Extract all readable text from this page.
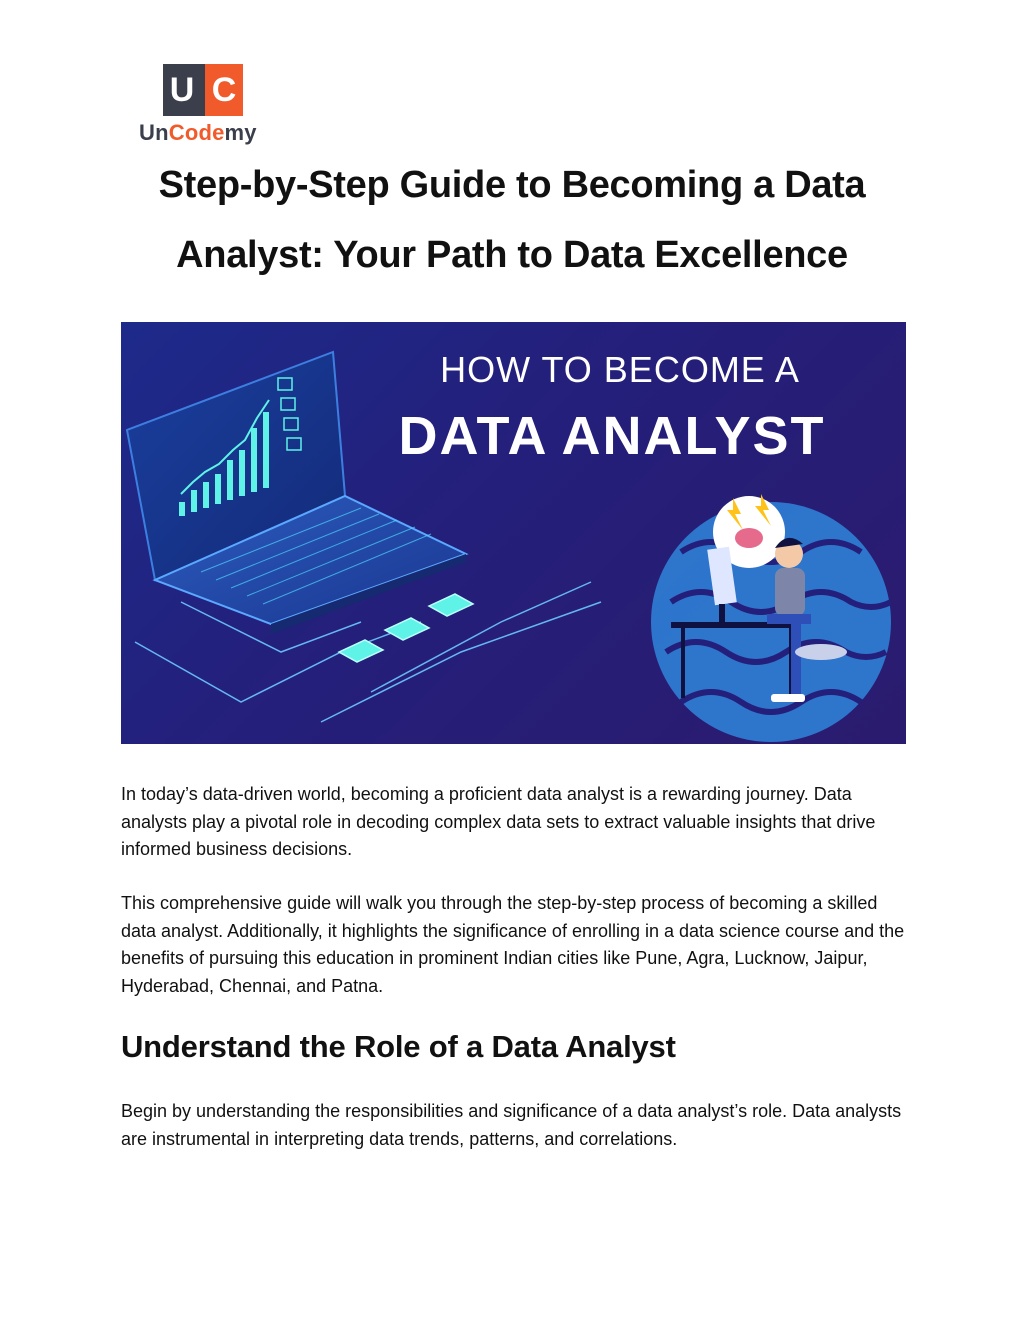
U C
UnCodemy
Step-by-Step Guide to Becoming a Data Analyst: Your Path to Data Excellence
HOW TO BECOME A
DATA ANALYST

In today’s data-driven world, becoming a proficient data analyst is a rewarding journey. Data analysts play a pivotal role in decoding complex data sets to extract valuable insights that drive informed business decisions.

This comprehensive guide will walk you through the step-by-step process of becoming a skilled data analyst. Additionally, it highlights the significance of enrolling in a data science course and the benefits of pursuing this education in prominent Indian cities like Pune, Agra, Lucknow, Jaipur, Hyderabad, Chennai, and Patna.

Understand the Role of a Data Analyst

Begin by understanding the responsibilities and significance of a data analyst’s role. Data analysts are instrumental in interpreting data trends, patterns, and correlations.
